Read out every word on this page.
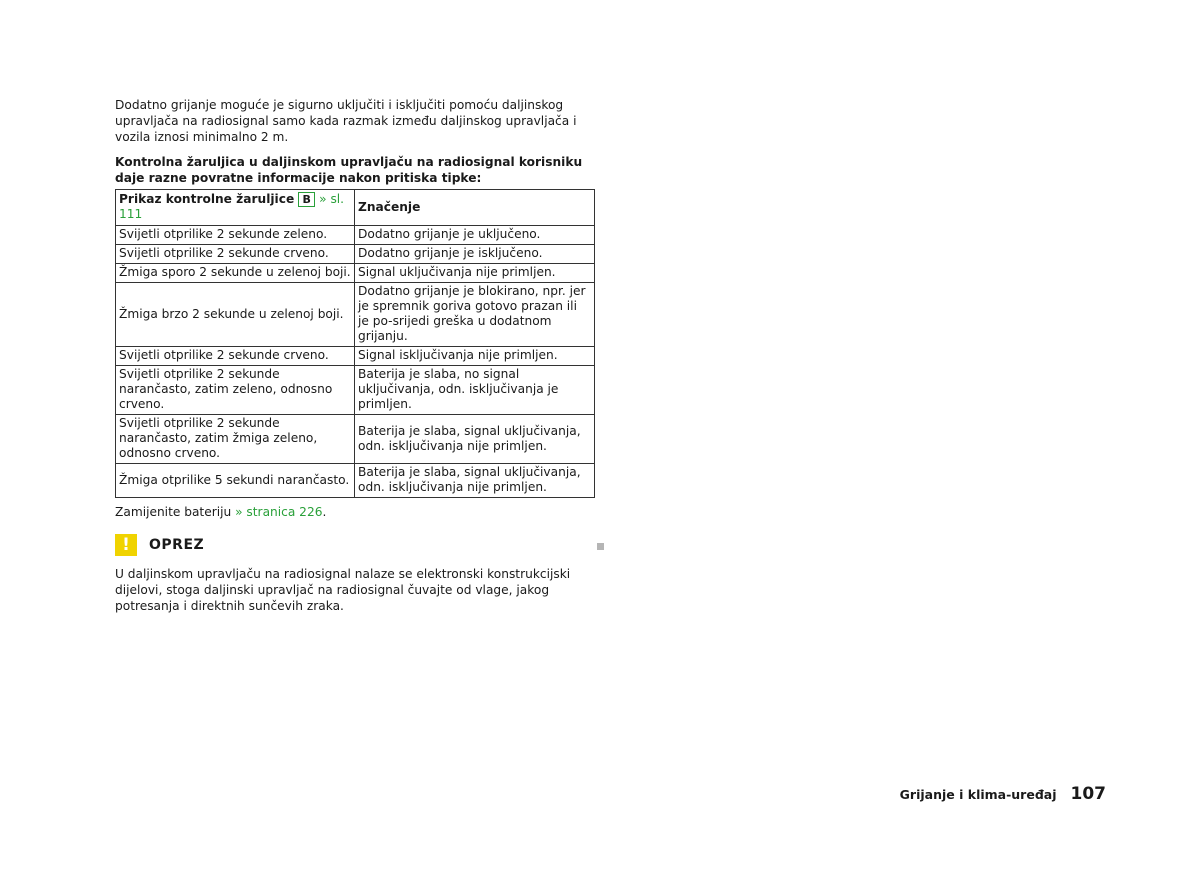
Dodatno grijanje moguće je sigurno uključiti i isključiti pomoću daljinskog upravljača na radiosignal samo kada razmak između daljinskog upravljača i vozila iznosi minimalno 2 m.

Kontrolna žaruljica u daljinskom upravljaču na radiosignal korisniku daje razne povratne informacije nakon pritiska tipke:

Prikaz kontrolne žaruljice B » sl. 111	Značenje
Svijetli otprilike 2 sekunde zeleno.	Dodatno grijanje je uključeno.
Svijetli otprilike 2 sekunde crveno.	Dodatno grijanje je isključeno.
Žmiga sporo 2 sekunde u zelenoj boji.	Signal uključivanja nije primljen.
Žmiga brzo 2 sekunde u zelenoj boji.	Dodatno grijanje je blokirano, npr. jer je spremnik goriva gotovo prazan ili je po-srijedi greška u dodatnom grijanju.
Svijetli otprilike 2 sekunde crveno.	Signal isključivanja nije primljen.
Svijetli otprilike 2 sekunde narančasto, zatim zeleno, odnosno crveno.	Baterija je slaba, no signal uključivanja, odn. isključivanja je primljen.
Svijetli otprilike 2 sekunde narančasto, zatim žmiga zeleno, odnosno crveno.	Baterija je slaba, signal uključivanja, odn. isključivanja nije primljen.
Žmiga otprilike 5 sekundi narančasto.	Baterija je slaba, signal uključivanja, odn. isključivanja nije primljen.

Zamijenite bateriju » stranica 226.

!	OPREZ
U daljinskom upravljaču na radiosignal nalaze se elektronski konstrukcijski dijelovi, stoga daljinski upravljač na radiosignal čuvajte od vlage, jakog potresanja i direktnih sunčevih zraka.
Grijanje i klima-uređaj 107
